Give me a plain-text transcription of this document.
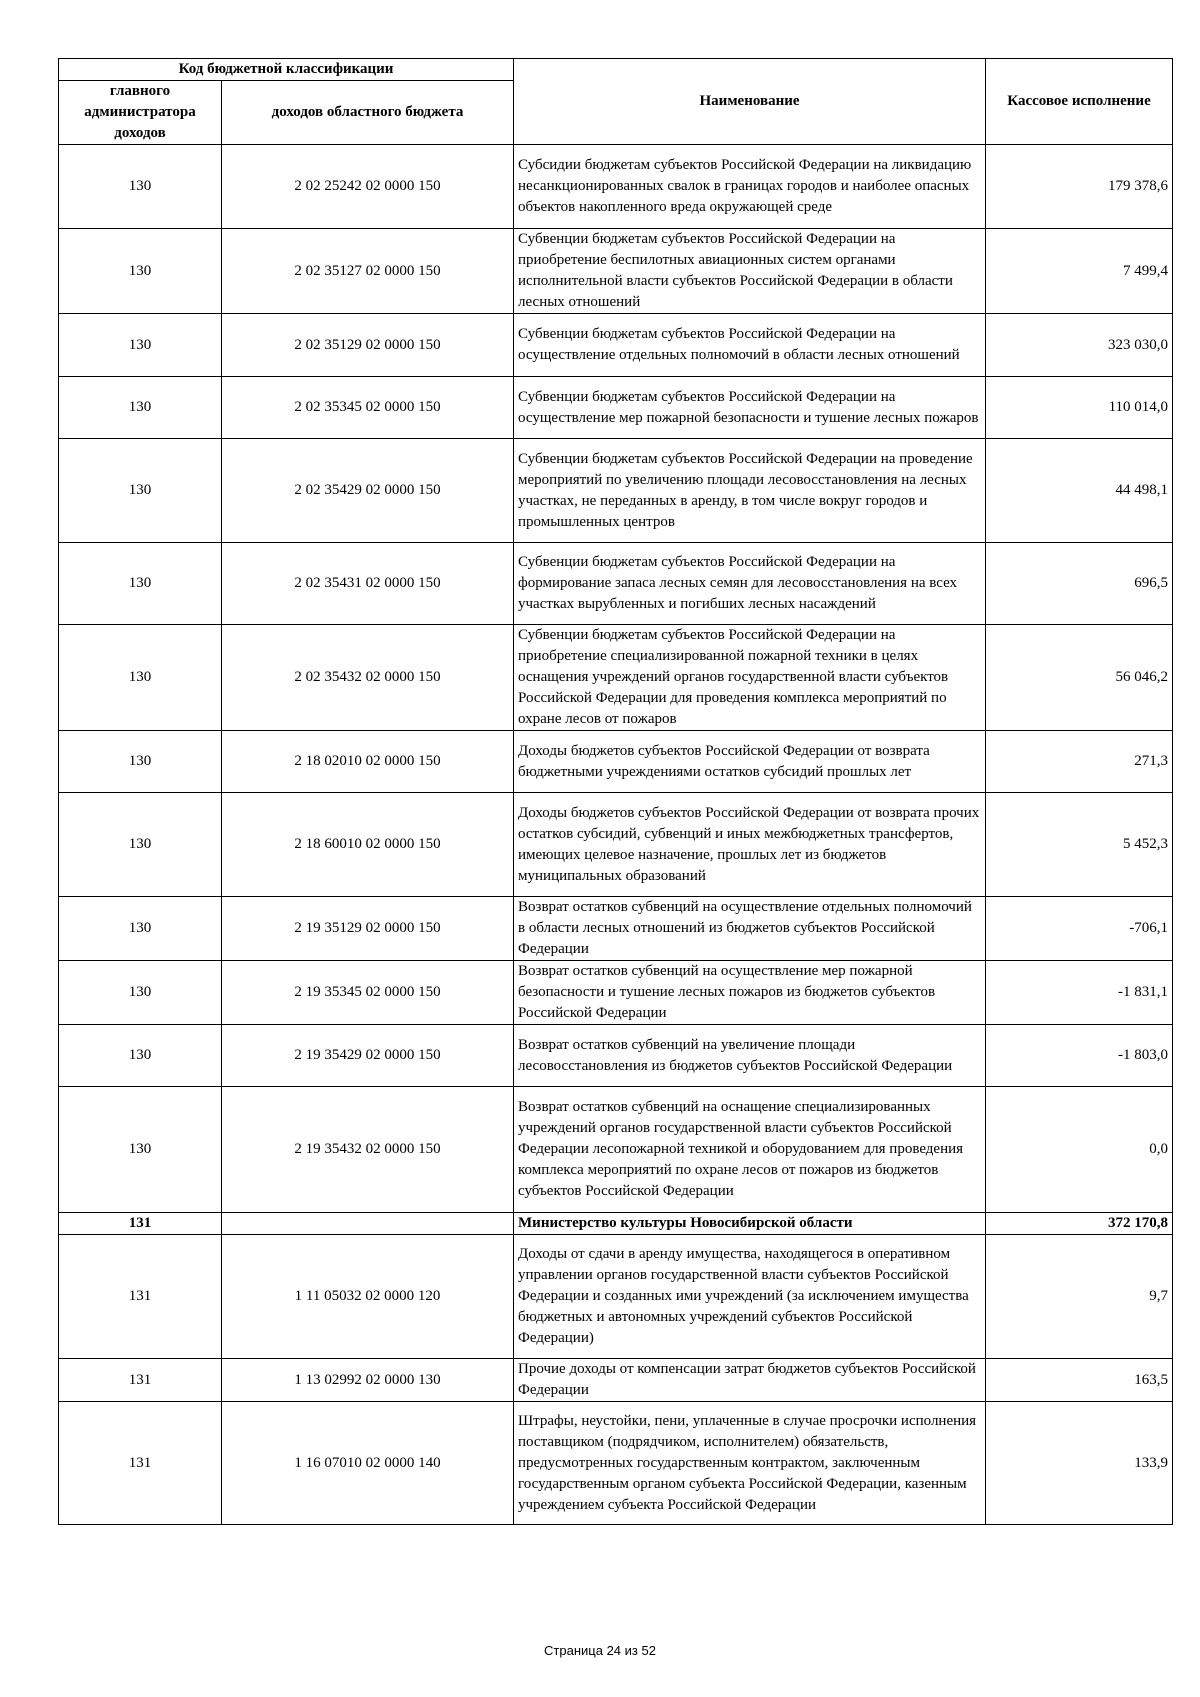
Код бюджетной классификации		Наименование	Кассовое исполнение
главного администратора доходов	доходов областного бюджета		
130	2 02 25242 02 0000 150	Субсидии бюджетам субъектов Российской Федерации на ликвидацию несанкционированных свалок в границах городов и наиболее опасных объектов накопленного вреда окружающей среде	179 378,6
130	2 02 35127 02 0000 150	Субвенции бюджетам субъектов Российской Федерации на приобретение беспилотных авиационных систем органами исполнительной власти субъектов Российской Федерации в области лесных отношений	7 499,4
130	2 02 35129 02 0000 150	Субвенции бюджетам субъектов Российской Федерации на осуществление отдельных полномочий в области лесных отношений	323 030,0
130	2 02 35345 02 0000 150	Субвенции бюджетам субъектов Российской Федерации на осуществление мер пожарной безопасности и тушение лесных пожаров	110 014,0
130	2 02 35429 02 0000 150	Субвенции бюджетам субъектов Российской Федерации на проведение мероприятий по увеличению площади лесовосстановления на лесных участках, не переданных в аренду, в том числе вокруг городов и промышленных центров	44 498,1
130	2 02 35431 02 0000 150	Субвенции бюджетам субъектов Российской Федерации на формирование запаса лесных семян для лесовосстановления на всех участках вырубленных и погибших лесных насаждений	696,5
130	2 02 35432 02 0000 150	Субвенции бюджетам субъектов Российской Федерации на приобретение специализированной пожарной техники в целях оснащения учреждений органов государственной власти субъектов Российской Федерации для проведения комплекса мероприятий по охране лесов от пожаров	56 046,2
130	2 18 02010 02 0000 150	Доходы бюджетов субъектов Российской Федерации от возврата бюджетными учреждениями остатков субсидий прошлых лет	271,3
130	2 18 60010 02 0000 150	Доходы бюджетов субъектов Российской Федерации от возврата прочих остатков субсидий, субвенций и иных межбюджетных трансфертов, имеющих целевое назначение, прошлых лет из бюджетов муниципальных образований	5 452,3
130	2 19 35129 02 0000 150	Возврат остатков субвенций на осуществление отдельных полномочий в области лесных отношений из бюджетов субъектов Российской Федерации	-706,1
130	2 19 35345 02 0000 150	Возврат остатков субвенций на осуществление мер пожарной безопасности и тушение лесных пожаров из бюджетов субъектов Российской Федерации	-1 831,1
130	2 19 35429 02 0000 150	Возврат остатков субвенций на увеличение площади лесовосстановления из бюджетов субъектов Российской Федерации	-1 803,0
130	2 19 35432 02 0000 150	Возврат остатков субвенций на оснащение специализированных учреждений органов государственной власти субъектов Российской Федерации лесопожарной техникой и оборудованием для проведения комплекса мероприятий по охране лесов от пожаров из бюджетов субъектов Российской Федерации	0,0
131		Министерство культуры Новосибирской области	372 170,8
131	1 11 05032 02 0000 120	Доходы от сдачи в аренду имущества, находящегося в оперативном управлении органов государственной власти субъектов Российской Федерации и созданных ими учреждений (за исключением имущества бюджетных и автономных учреждений субъектов Российской Федерации)	9,7
131	1 13 02992 02 0000 130	Прочие доходы от компенсации затрат бюджетов субъектов Российской Федерации	163,5
131	1 16 07010 02 0000 140	Штрафы, неустойки, пени, уплаченные в случае просрочки исполнения поставщиком (подрядчиком, исполнителем) обязательств, предусмотренных государственным контрактом, заключенным государственным органом субъекта Российской Федерации, казенным учреждением субъекта Российской Федерации	133,9
Страница 24 из 52
